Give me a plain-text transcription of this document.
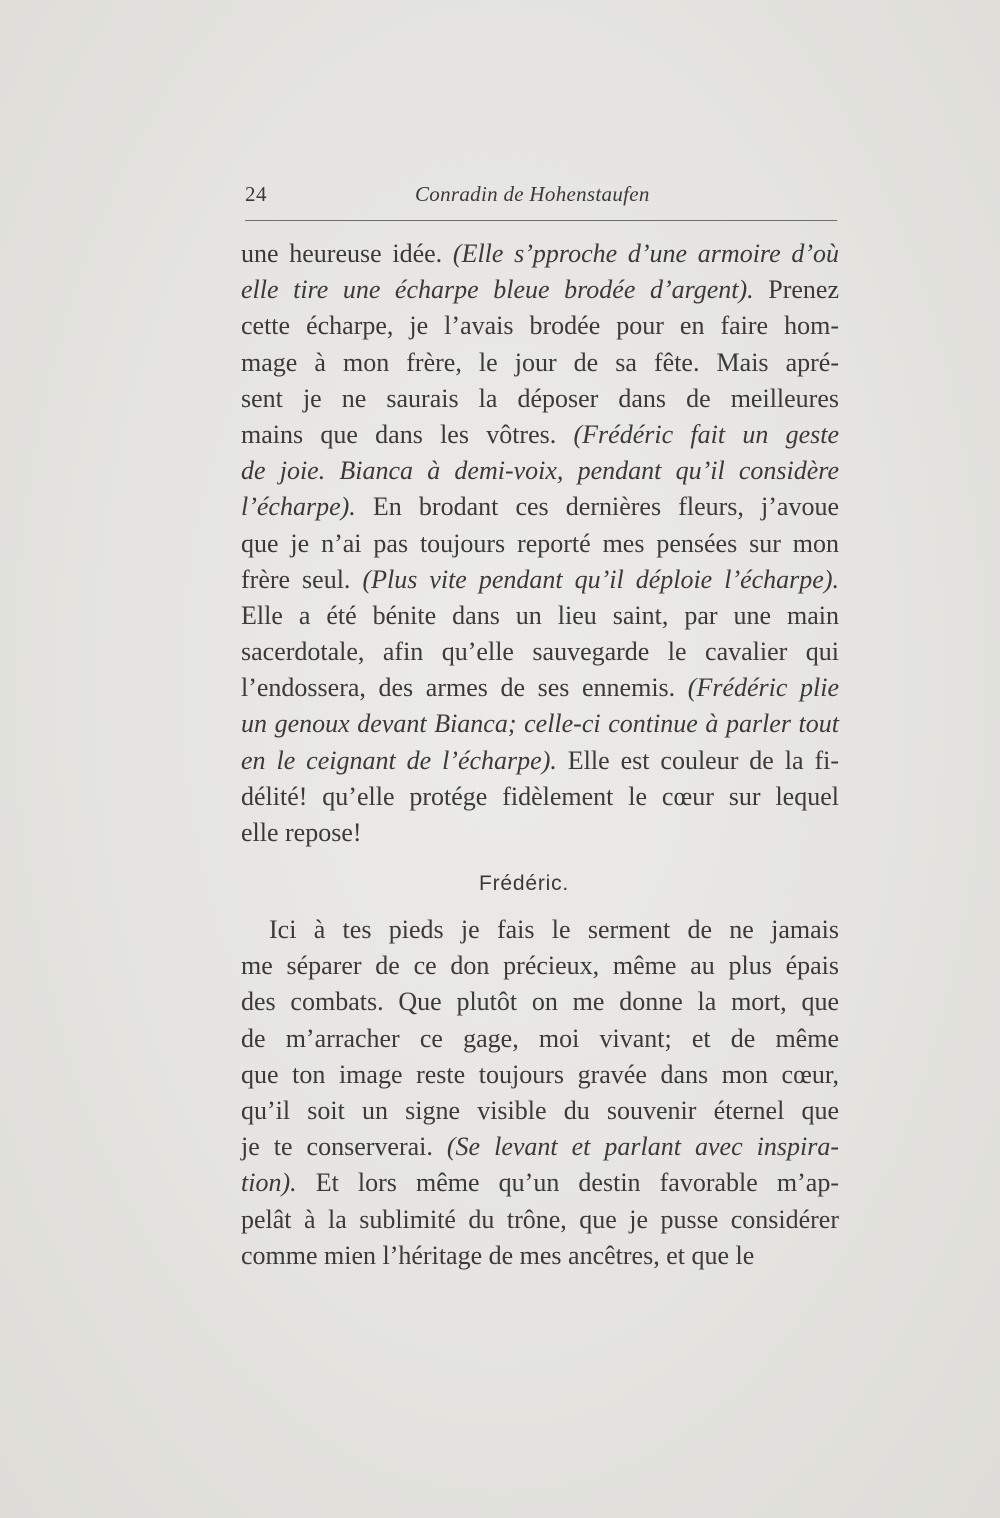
24	Conradin de Hohenstaufen
une heureuse idée. (Elle s’pproche d’une armoire d’où
elle tire une écharpe bleue brodée d’argent). Prenez
cette écharpe, je l’avais brodée pour en faire hom-
mage à mon frère, le jour de sa fête. Mais apré-
sent je ne saurais la déposer dans de meilleures
mains que dans les vôtres. (Frédéric fait un geste
de joie. Bianca à demi-voix, pendant qu’il considère
l’écharpe). En brodant ces dernières fleurs, j’avoue
que je n’ai pas toujours reporté mes pensées sur mon
frère seul. (Plus vite pendant qu’il déploie l’écharpe).
Elle a été bénite dans un lieu saint, par une main
sacerdotale, afin qu’elle sauvegarde le cavalier qui
l’endossera, des armes de ses ennemis. (Frédéric plie
un genoux devant Bianca; celle-ci continue à parler tout
en le ceignant de l’écharpe). Elle est couleur de la fi-
délité! qu’elle protége fidèlement le cœur sur lequel
elle repose!
Frédéric.
Ici à tes pieds je fais le serment de ne jamais
me séparer de ce don précieux, même au plus épais
des combats. Que plutôt on me donne la mort, que
de m’arracher ce gage, moi vivant; et de même
que ton image reste toujours gravée dans mon cœur,
qu’il soit un signe visible du souvenir éternel que
je te conserverai. (Se levant et parlant avec inspira-
tion). Et lors même qu’un destin favorable m’ap-
pelât à la sublimité du trône, que je pusse considérer
comme mien l’héritage de mes ancêtres, et que le
